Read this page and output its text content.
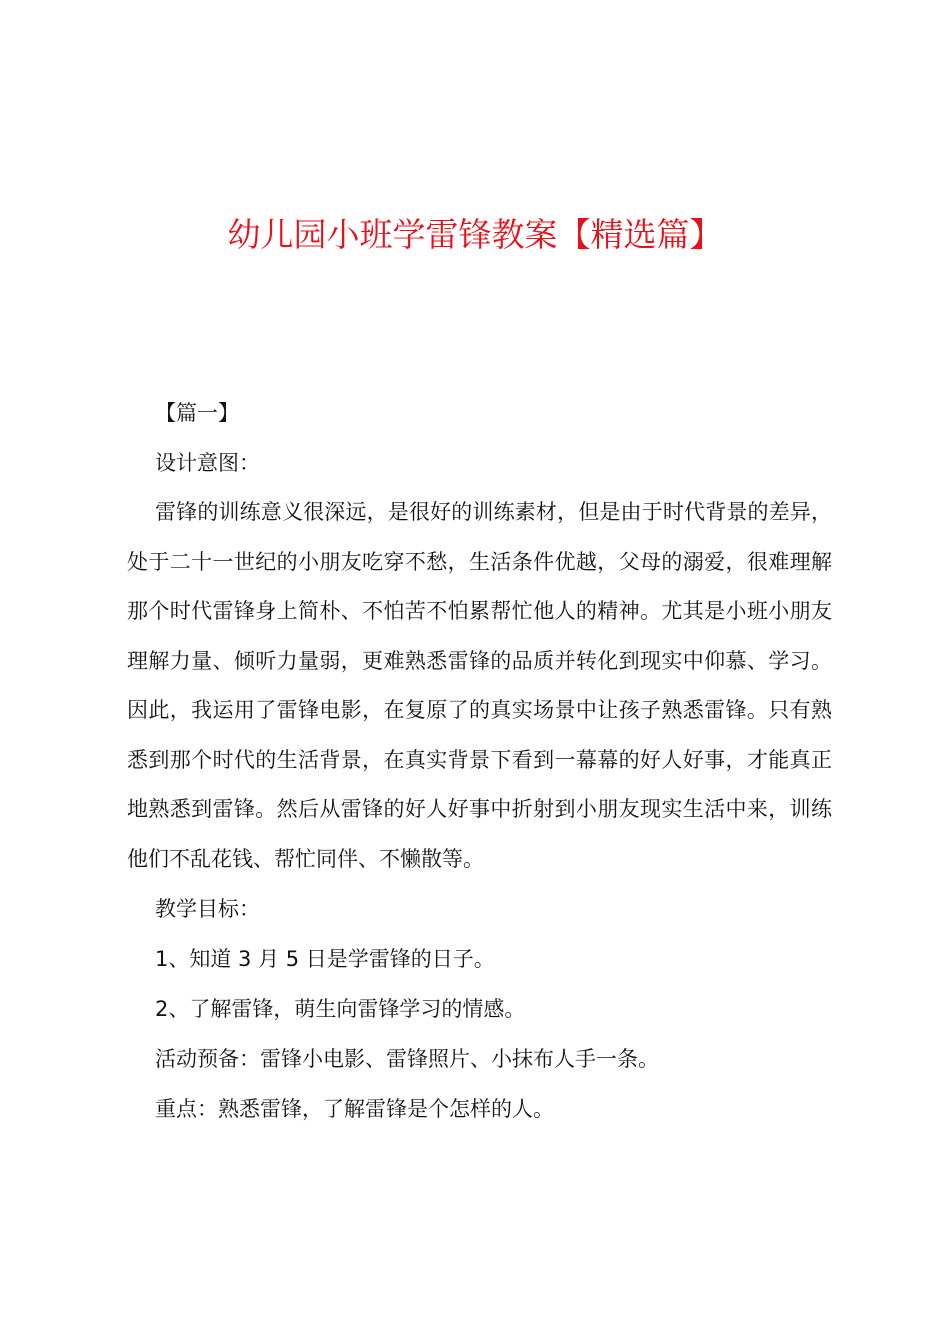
幼儿园小班学雷锋教案【精选篇】

【篇一】

设计意图：

雷锋的训练意义很深远，是很好的训练素材，但是由于时代背景的差异，处于二十一世纪的小朋友吃穿不愁，生活条件优越，父母的溺爱，很难理解那个时代雷锋身上简朴、不怕苦不怕累帮忙他人的精神。尤其是小班小朋友理解力量、倾听力量弱，更难熟悉雷锋的品质并转化到现实中仰慕、学习。因此，我运用了雷锋电影，在复原了的真实场景中让孩子熟悉雷锋。只有熟悉到那个时代的生活背景，在真实背景下看到一幕幕的好人好事，才能真正地熟悉到雷锋。然后从雷锋的好人好事中折射到小朋友现实生活中来，训练他们不乱花钱、帮忙同伴、不懒散等。

教学目标：

1、知道 3 月 5 日是学雷锋的日子。

2、了解雷锋，萌生向雷锋学习的情感。

活动预备：雷锋小电影、雷锋照片、小抹布人手一条。

重点：熟悉雷锋，了解雷锋是个怎样的人。
